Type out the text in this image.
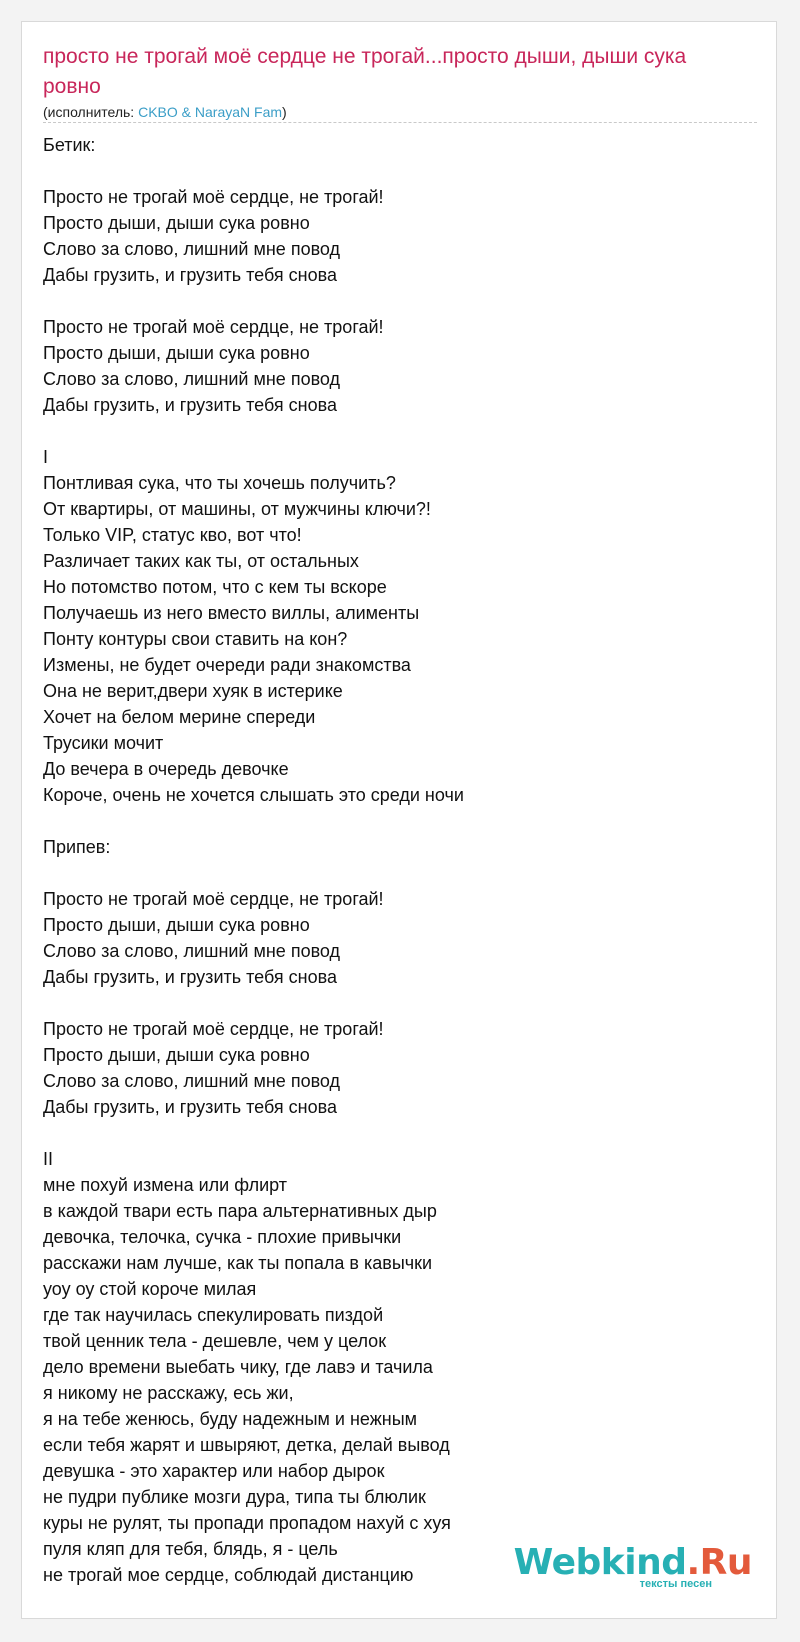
просто не трогай моё сердце не трогай...просто дыши, дыши сука ровно
(исполнитель: CKBO & NarayaN Fam)
Бетик:
Просто не трогай моё сердце, не трогай!
Просто дыши, дыши сука ровно
Слово за слово, лишний мне повод
Дабы грузить, и грузить тебя снова
Просто не трогай моё сердце, не трогай!
Просто дыши, дыши сука ровно
Слово за слово, лишний мне повод
Дабы грузить, и грузить тебя снова
I
Понтливая сука, что ты хочешь получить?
От квартиры, от машины, от мужчины ключи?!
Только VIP, статус кво, вот что!
Различает таких как ты, от остальных
Но потомство потом, что с кем ты вскоре
Получаешь из него вместо виллы, алименты
Понту контуры свои ставить на кон?
Измены, не будет очереди ради знакомства
Она не верит,двери хуяк в истерике
Хочет на белом мерине спереди
Трусики мочит
До вечера в очередь девочке
Короче, очень не хочется слышать это среди ночи
Припев:
Просто не трогай моё сердце, не трогай!
Просто дыши, дыши сука ровно
Слово за слово, лишний мне повод
Дабы грузить, и грузить тебя снова
Просто не трогай моё сердце, не трогай!
Просто дыши, дыши сука ровно
Слово за слово, лишний мне повод
Дабы грузить, и грузить тебя снова
II
мне похуй измена или флирт
в каждой твари есть пара альтернативных дыр
девочка, телочка, сучка - плохие привычки
расскажи нам лучше, как ты попала в кавычки
уоу оу стой короче милая
где так научилась спекулировать пиздой
твой ценник тела - дешевле, чем у целок
дело времени выебать чику, где лавэ и тачила
я никому не расскажу, есь жи,
я на тебе женюсь, буду надежным и нежным
если тебя жарят и швыряют, детка, делай вывод
девушка - это характер или набор дырок
не пудри публике мозги дура, типа ты блюлик
куры не рулят, ты пропади пропадом нахуй с хуя
пуля кляп для тебя, блядь, я - цель
не трогай мое сердце, соблюдай дистанцию	Webkind.Ru
тексты песен
